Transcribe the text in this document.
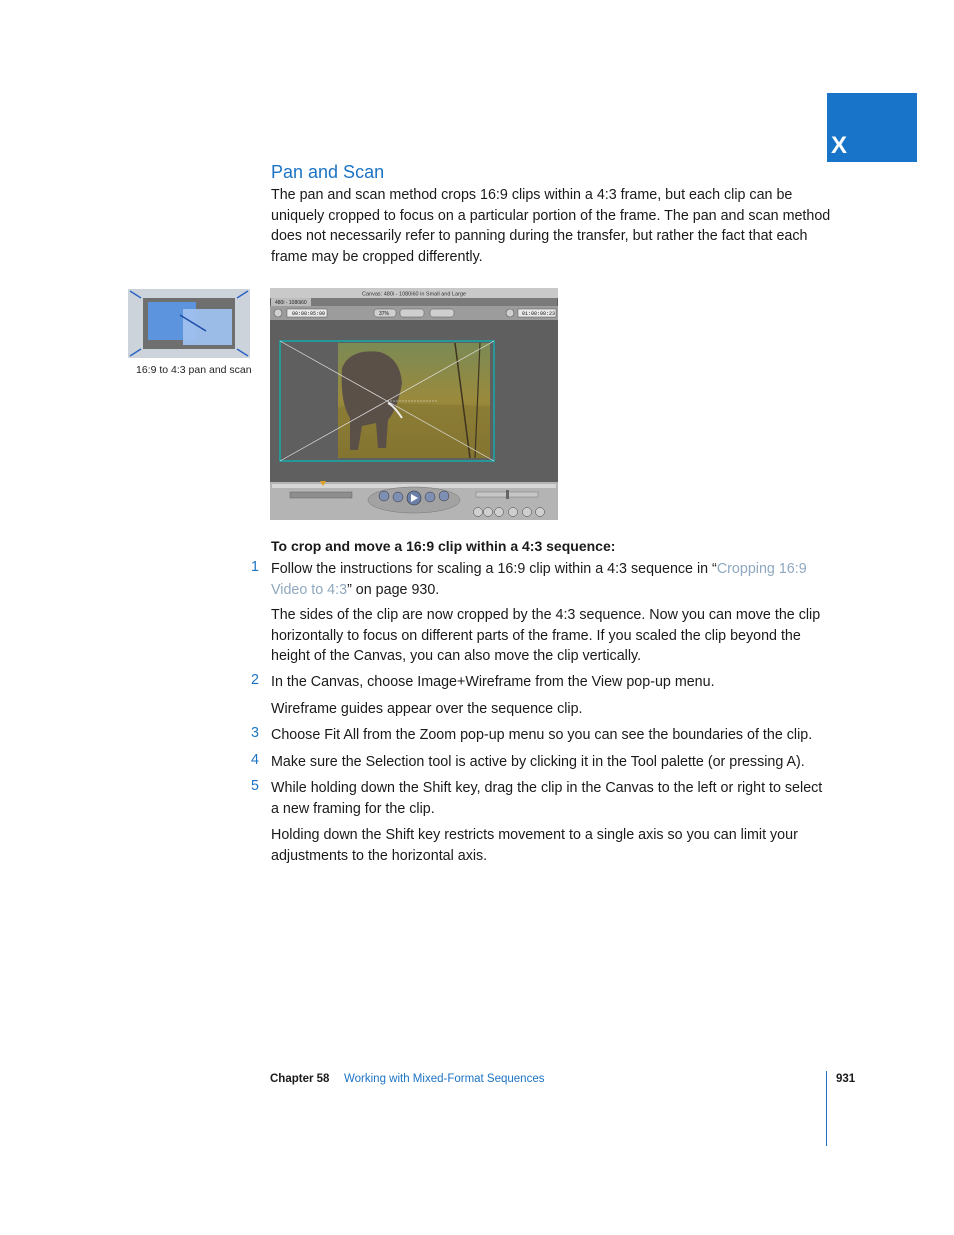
X
Pan and Scan

The pan and scan method crops 16:9 clips within a 4:3 frame, but each clip can be uniquely cropped to focus on a particular portion of the frame. The pan and scan method does not necessarily refer to panning during the transfer, but rather the fact that each frame may be cropped differently.

16:9 to 4:3 pan and scan
Canvas: 480i - 1080i60 in Small and Large
480i - 1080i60
00:00:05:00	37%	01:00:00:23
To crop and move a 16:9 clip within a 4:3 sequence:
1 Follow the instructions for scaling a 16:9 clip within a 4:3 sequence in “Cropping 16:9 Video to 4:3” on page 930.

The sides of the clip are now cropped by the 4:3 sequence. Now you can move the clip horizontally to focus on different parts of the frame. If you scaled the clip beyond the height of the Canvas, you can also move the clip vertically.

2 In the Canvas, choose Image+Wireframe from the View pop-up menu.

Wireframe guides appear over the sequence clip.

3 Choose Fit All from the Zoom pop-up menu so you can see the boundaries of the clip.

4 Make sure the Selection tool is active by clicking it in the Tool palette (or pressing A).

5 While holding down the Shift key, drag the clip in the Canvas to the left or right to select a new framing for the clip.

Holding down the Shift key restricts movement to a single axis so you can limit your adjustments to the horizontal axis.

Chapter 58 Working with Mixed-Format Sequences	931
